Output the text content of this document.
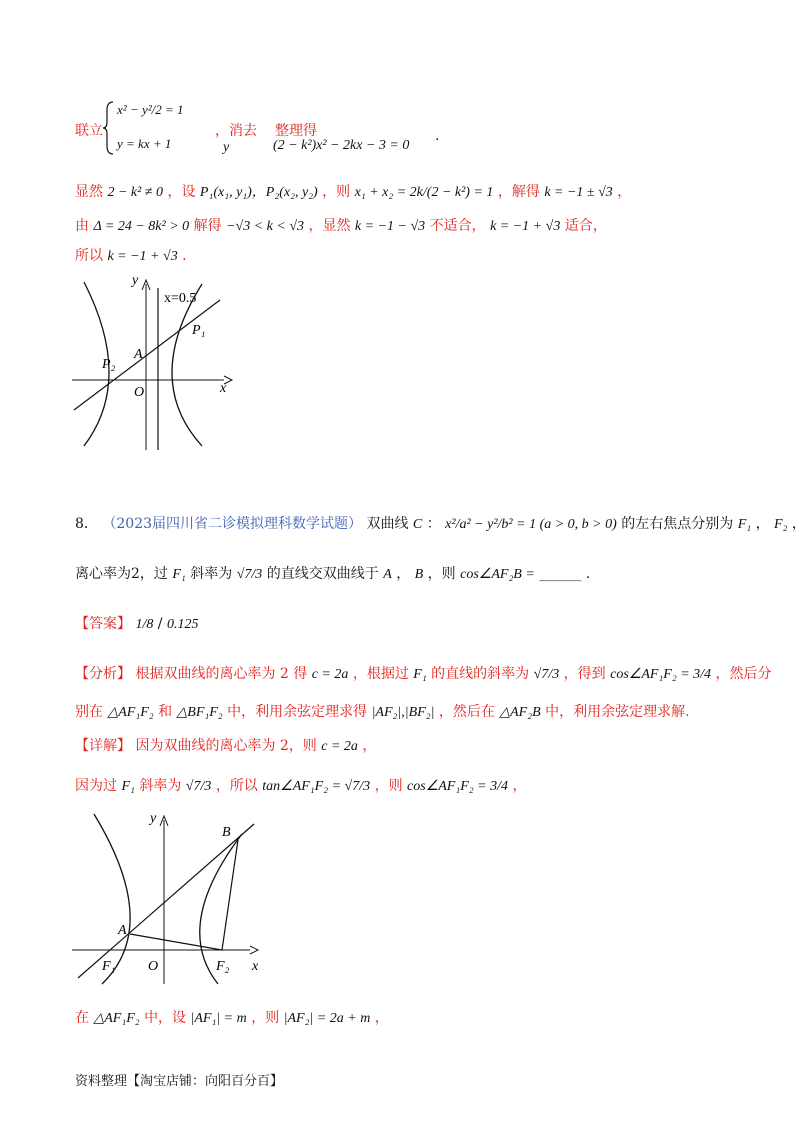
联立
x² − y²/2 = 1
y = kx + 1
，消去 整理得
y	(2 − k²)x² − 2kx − 3 = 0
.
显然 2 − k² ≠ 0 ，设 P₁(x₁, y₁)，P₂(x₂, y₂) ，则 x₁ + x₂ = 2k/(2 − k²) = 1 ，解得 k = −1 ± √3 ，
由 Δ = 24 − 8k² > 0 解得 −√3 < k < √3 ，显然 k = −1 − √3 不适合， k = −1 + √3 适合，
所以 k = −1 + √3 .
y
x
x=0.5
P₁
P₂
A
O
8． （2023届四川省二诊模拟理科数学试题） 双曲线 C ： x²/a² − y²/b² = 1 (a > 0, b > 0) 的左右焦点分别为 F₁ ， F₂ ，
离心率为2，过 F₁ 斜率为 √7/3 的直线交双曲线于 A ， B ，则 cos∠AF₂B = ______ .
【答案】 1/8 / 0.125
【分析】 根据双曲线的离心率为 2 得 c = 2a ，根据过 F₁ 的直线的斜率为 √7/3 ，得到 cos∠AF₁F₂ = 3/4 ，然后分
别在 △AF₁F₂ 和 △BF₁F₂ 中，利用余弦定理求得 |AF₂|,|BF₂| ，然后在 △AF₂B 中，利用余弦定理求解.
【详解】 因为双曲线的离心率为 2，则 c = 2a ，
因为过 F₁ 斜率为 √7/3 ，所以 tan∠AF₁F₂ = √7/3 ，则 cos∠AF₁F₂ = 3/4 ，
y
x
B
A
F₁ O	F₂
在 △AF₁F₂ 中，设 |AF₁| = m ，则 |AF₂| = 2a + m ，
资料整理【淘宝店铺：向阳百分百】
